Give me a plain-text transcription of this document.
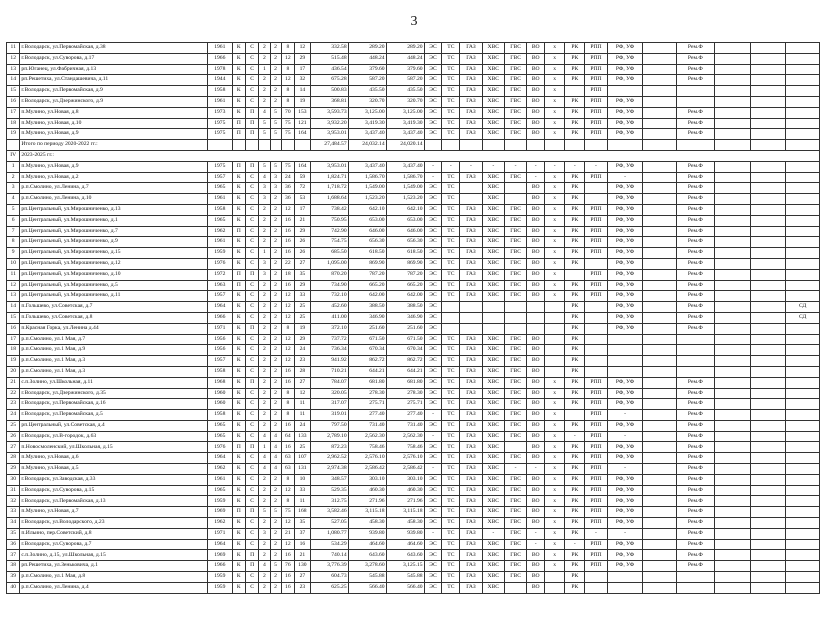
3
11	г.Володарск, ул.Первомайская, д.38	1961	К	С	2	2	8	12	332.58	289.20	289.20	ЭС	ТС	ГАЗ	ХВС	ГВС	ВО	х	РК	РПП	РФ, УФ		Рем.Ф			
12	г.Володарск, ул.Суворова, д.17	1966	К	С	2	2	12	29	515.48	448.24	448.24	ЭС	ТС	ГАЗ	ХВС	ГВС	ВО	х	РК	РПП	РФ, УФ		Рем.Ф			
13	рп.Юганец, ул.Фабричная, д.13	1978	К	С	1	2	8	17	436.54	379.60	379.60	ЭС	ТС	ГАЗ	ХВС	ГВС	ВО	х	РК	РПП	РФ, УФ		Рем.Ф			
14	рп.Решетиха, ул.Стандашевича, д.11	1944	К	С	2	2	12	32	675.28	587.20	587.20	ЭС	ТС	ГАЗ	ХВС	ГВС	ВО	х	РК	РПП	РФ, УФ		Рем.Ф			
15	г.Володарск, ул.Первомайская, д.9	1958	К	С	2	2	8	14	500.83	435.50	435.50	ЭС	ТС	ГАЗ	ХВС	ГВС	ВО	х		РПП						
16	г.Володарск, ул.Дзержинского, д.9	1961	К	С	2	2	8	19	368.81	320.70	320.70	ЭС	ТС	ГАЗ	ХВС	ГВС	ВО	х	РК	РПП	РФ, УФ					
17	п.Мулино, ул.Новая, д.8	1973	К	П	4	5	70	153	3,593.73	3,125.00	3,125.00	ЭС	ТС	ГАЗ	ХВС	ГВС	ВО	х	РК	РПП	РФ, УФ		Рем.Ф			
18	п.Мулино, ул.Новая, д.10	1975	П	П	5	5	75	121	3,932.20	3,419.30	3,419.30	ЭС	ТС	ГАЗ	ХВС	ГВС	ВО	х	РК	РПП	РФ, УФ		Рем.Ф			
19	п.Мулино, ул.Новая, д.9	1975	П	П	5	5	75	164	3,953.01	3,437.40	3,437.40	ЭС	ТС	ГАЗ	ХВС	ГВС	ВО	х	РК	РПП	РФ, УФ		Рем.Ф			
	Итого по периоду 2020-2022 гг.:								27,484.57	24,032.14	24,020.14															
IV	2023-2025 гг.:																									
1	п.Мулино, ул.Новая, д.9	1975	П	П	5	5	75	164	3,953.01	3,437.40	3,437.40	-	-	-	-	-	-	-	-	-	РФ, УФ		Рем.Ф			
2	п.Мулино, ул.Новая, д.2	1957	К	С	4	3	24	59	1,824.71	1,586.70	1,586.70	-	ТС	ГАЗ	ХВС	ГВС	-	х	РК	РПП	-		Рем.Ф			
3	р.п.Смолино, ул.Ленина, д.7	1965	К	С	3	3	36	72	1,718.72	1,549.00	1,549.00	ЭС	ТС		ХВС		ВО	х	РК		РФ, УФ		Рем.Ф			
4	р.п.Смолино, ул.Ленина, д.10	1961	К	С	3	2	36	53	1,688.64	1,523.20	1,523.20	ЭС	ТС		ХВС		ВО	х	РК		РФ, УФ		Рем.Ф			
5	рп.Центральный, ул.Мирошниченко, д.13	1958	К	С	2	2	12	17	738.42	642.10	642.10	ЭС	ТС	ГАЗ	ХВС	ГВС	ВО	х	РК	РПП	РФ, УФ		Рем.Ф			
6	рп.Центральный, ул.Мирошниченко, д.1	1965	К	С	2	2	16	21	750.95	653.00	653.00	ЭС	ТС	ГАЗ	ХВС	ГВС	ВО	х	РК	РПП	РФ, УФ		Рем.Ф			
7	рп.Центральный, ул.Мирошниченко, д.7	1962	П	С	2	2	16	29	742.90	646.00	646.00	ЭС	ТС	ГАЗ	ХВС	ГВС	ВО	х	РК	РПП	РФ, УФ		Рем.Ф			
8	рп.Центральный, ул.Мирошниченко, д.9	1961	К	С	2	2	16	26	754.75	656.30	656.30	ЭС	ТС	ГАЗ	ХВС	ГВС	ВО	х	РК	РПП	РФ, УФ		Рем.Ф			
9	рп.Центральный, ул.Мирошниченко, д.15	1959	К	С	1	2	16	26	685.50	618.50	618.50	ЭС	ТС	ГАЗ	ХВС	ГВС	ВО	х	РК	РПП	РФ, УФ		Рем.Ф			
10	рп.Центральный, ул.Мирошниченко, д.12	1976	К	С	3	2	22	27	1,095.00	869.90	869.90	ЭС	ТС	ГАЗ	ХВС	ГВС	ВО	х	РК		РФ, УФ		Рем.Ф			
11	рп.Центральный, ул.Мирошниченко, д.10	1972	П	П	3	2	18	35	870.20	787.20	787.20	ЭС	ТС	ГАЗ	ХВС	ГВС	ВО	х		РПП	РФ, УФ		Рем.Ф			
12	рп.Центральный, ул.Мирошниченко, д.5	1963	П	С	2	2	16	29	734.90	665.20	665.20	ЭС	ТС	ГАЗ	ХВС	ГВС	ВО	х	РК	РПП	РФ, УФ		Рем.Ф			
13	рп.Центральный, ул.Мирошниченко, д.11	1957	К	С	2	2	12	33	732.10	642.00	642.00	ЭС	ТС	ГАЗ	ХВС	ГВС	ВО	х	РК	РПП	РФ, УФ		Рем.Ф			
14	п.Гольшево, ул.Советская, д.7	1964	К	С	2	2	12	25	452.60	388.50	388.50	ЭС							РК		РФ, УФ		Рем.Ф			СД
15	п.Гольшево, ул.Советская, д.8	1966	К	С	2	2	12	25	411.00	346.90	346.90	ЭС							РК		РФ, УФ		Рем.Ф			СД
16	п.Красная Горка, ул.Ленина д.44	1971	К	П	2	2	8	19	372.10	251.60	251.60	ЭС							РК		РФ, УФ		Рем.Ф			
17	р.п.Смолино, ул.1 Мая, д.7	1956	К	С	2	2	12	29	737.72	671.50	671.50	ЭС	ТС	ГАЗ	ХВС	ГВС	ВО		РК							
18	р.п.Смолино, ул.1 Мая, д.9	1956	К	С	2	2	12	24	736.34	670.34	670.34	ЭС	ТС	ГАЗ	ХВС	ГВС	ВО		РК							
19	р.п.Смолино, ул.1 Мая, д.3	1957	К	С	2	2	12	23	941.92	862.72	862.72	ЭС	ТС	ГАЗ	ХВС	ГВС	ВО		РК							
20	р.п.Смолино, ул.1 Мая, д.3	1958	К	С	2	2	16	28	710.21	644.21	644.21	ЭС	ТС	ГАЗ	ХВС	ГВС	ВО		РК							
21	с.п.Золино, ул.Школьная, д.11	1968	К	П	2	2	16	27	784.07	681.80	681.80	ЭС	ТС	ГАЗ	ХВС	ГВС	ВО	х	РК	РПП	РФ, УФ		Рем.Ф			
22	г.Володарск, ул.Дзержинского, д.35	1960	К	С	2	2	8	12	320.05	278.30	278.30	ЭС	ТС	ГАЗ	ХВС	ГВС	ВО	х	РК	РПП	РФ, УФ		Рем.Ф			
23	г.Володарск, ул.Первомайская, д.16	1960	К	С	2	2	8	11	317.07	275.71	275.71	ЭС	ТС	ГАЗ	ХВС	ГВС	ВО	х	РК	РПП	РФ, УФ		Рем.Ф			
24	г.Володарск, ул.Первомайская, д.5	1958	К	С	2	2	8	11	319.01	277.40	277.40	-	ТС	ГАЗ	ХВС	ГВС	ВО	х		РПП	-		Рем.Ф			
25	рп.Центральный, ул.Советская, д.4	1965	К	С	2	2	16	24	797.50	731.40	731.40	ЭС	ТС	ГАЗ	ХВС	ГВС	ВО	х	РК	РПП	РФ, УФ		Рем.Ф			
26	г.Володарск, ул.В-городок, д.63	1965	К	С	4	4	64	133	2,789.10	2,562.30	2,562.30	-	ТС	ГАЗ	ХВС	ГВС	ВО	х	-	РПП	-		Рем.Ф			
27	п.Новосмоленский, ул.Школьная, д.15	1976	П	П	1	4	16	25	872.23	758.46	758.46	ЭС	ТС	ГАЗ	ХВС		ВО	х	РК	РПП	РФ, УФ		Рем.Ф			
28	п.Мулино, ул.Новая, д.6	1964	К	С	4	4	63	107	2,962.52	2,576.10	2,576.10	ЭС	ТС	ГАЗ	ХВС	ГВС	ВО	х	РК	РПП	РФ, УФ		Рем.Ф			
29	п.Мулино, ул.Новая, д.5	1962	К	С	4	4	63	131	2,974.38	2,586.42	2,586.42	-	ТС	ГАЗ	ХВС	-	-	х	РК	РПП	-		Рем.Ф			
30	г.Володарск, ул.Заводская, д.33	1961	К	С	2	2	8	10	348.57	303.10	303.10	ЭС	ТС	ГАЗ	ХВС	ГВС	ВО	х	РК	РПП	РФ, УФ		Рем.Ф			
31	г.Володарск, ул.Суворова, д.15	1965	К	С	2	2	12	33	529.35	460.30	460.30	ЭС	ТС	ГАЗ	ХВС	ГВС	ВО	х	РК	РПП	РФ, УФ		Рем.Ф			
32	г.Володарск, ул.Первомайская, д.13	1959	К	С	2	2	8	11	312.75	271.96	271.96	ЭС	ТС	ГАЗ	ХВС	ГВС	ВО	х	РК	РПП	РФ, УФ		Рем.Ф			
33	п.Мулино, ул.Новая, д.7	1969	П	П	5	5	75	168	3,582.46	3,115.18	3,115.18	ЭС	ТС	ГАЗ	ХВС	ГВС	ВО	х	РК	РПП	РФ, УФ		Рем.Ф			
34	г.Володарск, ул.Володарского, д.23	1962	К	С	2	2	12	35	527.05	458.30	458.30	ЭС	ТС	ГАЗ	ХВС	ГВС	ВО	х	РК	РПП	РФ, УФ		Рем.Ф			
35	п.Ильино, пер.Советский, д.8	1971	К	С	3	2	21	37	1,080.77	939.80	939.80	-	ТС	ГАЗ	-	ГВС	-	х	РК	-	-		Рем.Ф			
36	г.Володарск, ул.Суворова, д.7	1964	К	С	2	2	12	16	534.29	464.60	464.60	ЭС	ТС	ГАЗ	ХВС	ГВС	-	х	-	РПП	РФ, УФ		Рем.Ф			
37	с.п.Золино, д.15, ул.Школьная, д.15	1969	К	П	2	2	16	21	740.14	643.60	643.60	ЭС	ТС	ГАЗ	ХВС	ГВС	ВО	х	РК	РПП	РФ, УФ		Рем.Ф			
38	рп.Решетиха, ул.Зеньковича, д.1	1966	К	П	4	5	76	130	3,776.39	3,278.60	3,125.15	ЭС	ТС	ГАЗ	ХВС	ГВС	ВО	х	РК	РПП	РФ, УФ		Рем.Ф			
39	р.п.Смолино, ул.1 Мая, д.8	1959	К	С	2	2	16	27	604.73	545.88	545.88	ЭС	ТС	ГАЗ	ХВС	ГВС	ВО		РК							
40	р.п.Смолино, ул.Ленина, д.4	1959	К	С	2	2	16	23	625.25	566.40	566.40	ЭС	ТС	ГАЗ	ХВС		ВО		РК							
